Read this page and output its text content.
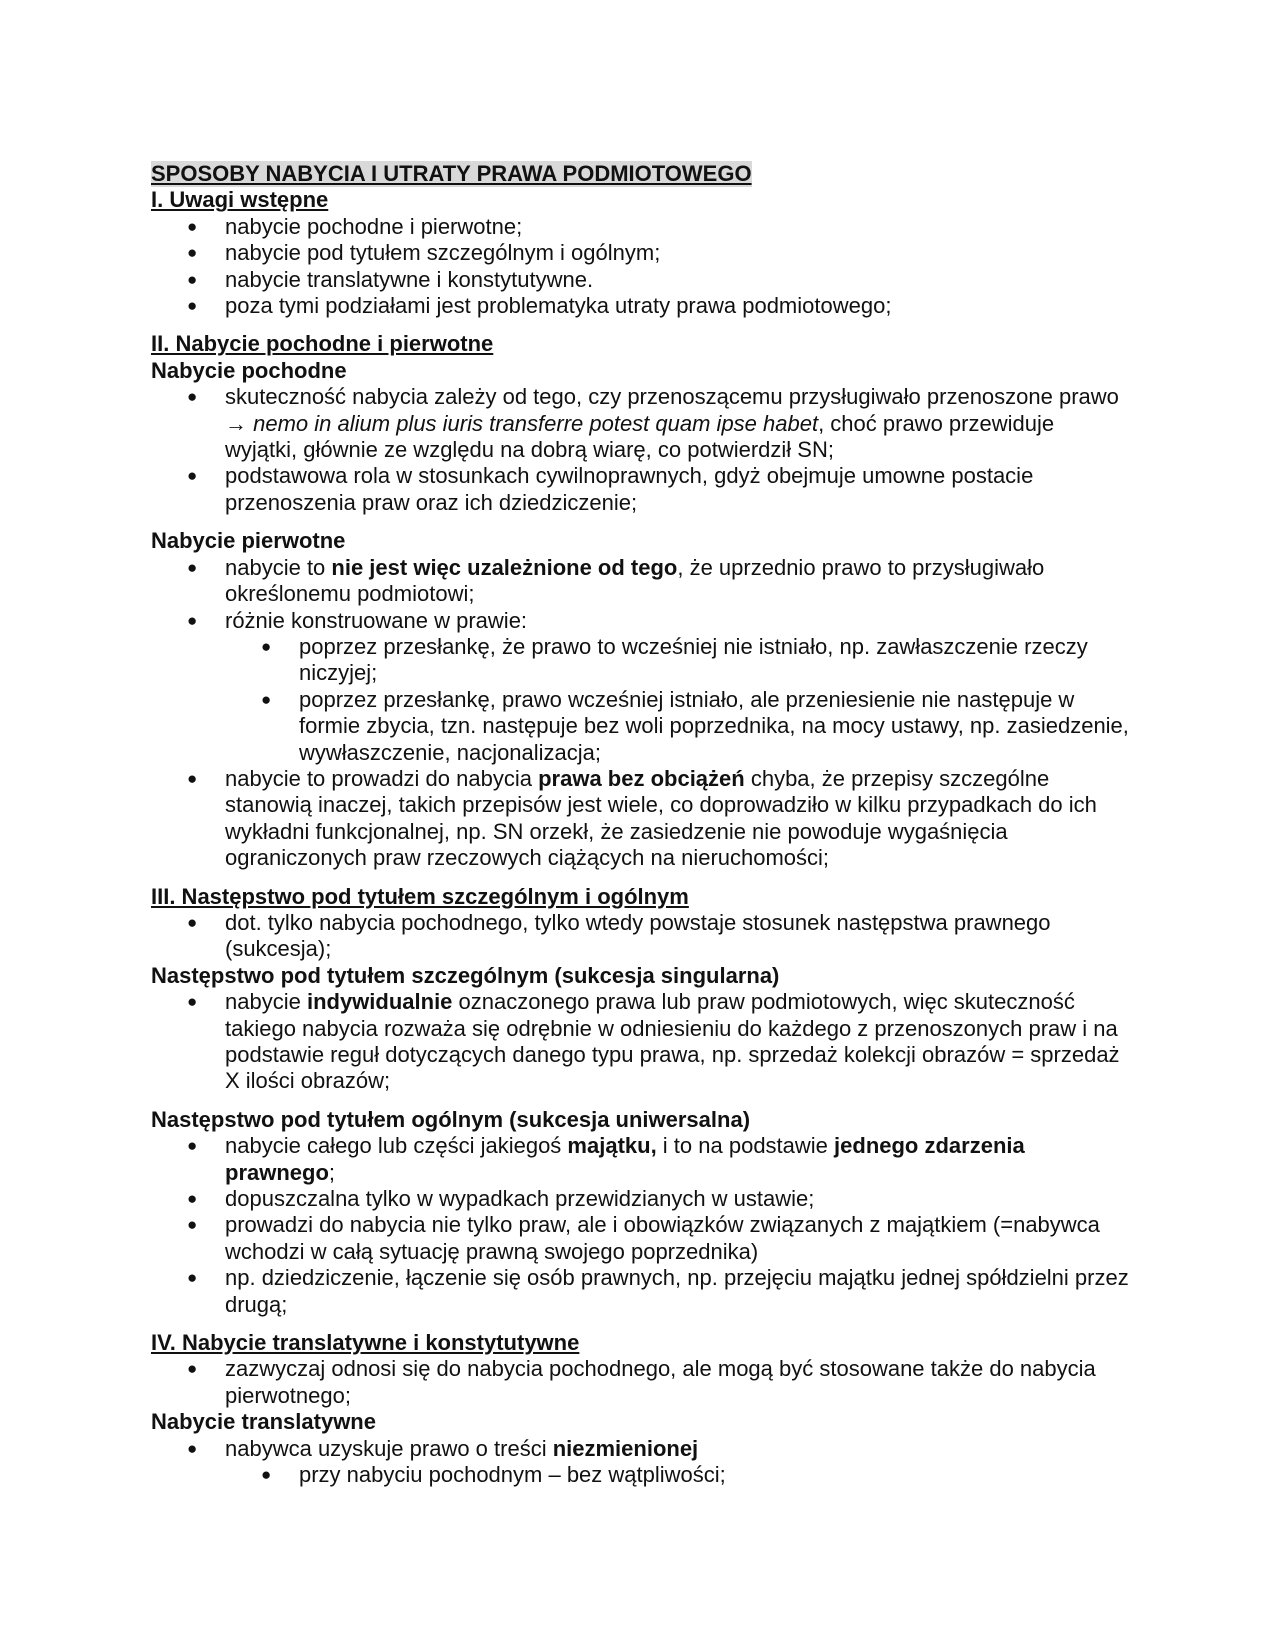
SPOSOBY NABYCIA I UTRATY PRAWA PODMIOTOWEGO
I. Uwagi wstępne
● nabycie pochodne i pierwotne;
● nabycie pod tytułem szczególnym i ogólnym;
● nabycie translatywne i konstytutywne.
● poza tymi podziałami jest problematyka utraty prawa podmiotowego;
II. Nabycie pochodne i pierwotne
Nabycie pochodne
● skuteczność nabycia zależy od tego, czy przenoszącemu przysługiwało przenoszone prawo → nemo in alium plus iuris transferre potest quam ipse habet, choć prawo przewiduje wyjątki, głównie ze względu na dobrą wiarę, co potwierdził SN;
● podstawowa rola w stosunkach cywilnoprawnych, gdyż obejmuje umowne postacie przenoszenia praw oraz ich dziedziczenie;
Nabycie pierwotne
● nabycie to nie jest więc uzależnione od tego, że uprzednio prawo to przysługiwało określonemu podmiotowi;
● różnie konstruowane w prawie:
● poprzez przesłankę, że prawo to wcześniej nie istniało, np. zawłaszczenie rzeczy niczyjej;
● poprzez przesłankę, prawo wcześniej istniało, ale przeniesienie nie następuje w formie zbycia, tzn. następuje bez woli poprzednika, na mocy ustawy, np. zasiedzenie, wywłaszczenie, nacjonalizacja;
● nabycie to prowadzi do nabycia prawa bez obciążeń chyba, że przepisy szczególne stanowią inaczej, takich przepisów jest wiele, co doprowadziło w kilku przypadkach do ich wykładni funkcjonalnej, np. SN orzekł, że zasiedzenie nie powoduje wygaśnięcia ograniczonych praw rzeczowych ciążących na nieruchomości;
III. Następstwo pod tytułem szczególnym i ogólnym
● dot. tylko nabycia pochodnego, tylko wtedy powstaje stosunek następstwa prawnego (sukcesja);
Następstwo pod tytułem szczególnym (sukcesja singularna)
● nabycie indywidualnie oznaczonego prawa lub praw podmiotowych, więc skuteczność takiego nabycia rozważa się odrębnie w odniesieniu do każdego z przenoszonych praw i na podstawie reguł dotyczących danego typu prawa, np. sprzedaż kolekcji obrazów = sprzedaż X ilości obrazów;
Następstwo pod tytułem ogólnym (sukcesja uniwersalna)
● nabycie całego lub części jakiegoś majątku, i to na podstawie jednego zdarzenia prawnego;
● dopuszczalna tylko w wypadkach przewidzianych w ustawie;
● prowadzi do nabycia nie tylko praw, ale i obowiązków związanych z majątkiem (=nabywca wchodzi w całą sytuację prawną swojego poprzednika)
● np. dziedziczenie, łączenie się osób prawnych, np. przejęciu majątku jednej spółdzielni przez drugą;
IV. Nabycie translatywne i konstytutywne
● zazwyczaj odnosi się do nabycia pochodnego, ale mogą być stosowane także do nabycia pierwotnego;
Nabycie translatywne
● nabywca uzyskuje prawo o treści niezmienionej
● przy nabyciu pochodnym – bez wątpliwości;
